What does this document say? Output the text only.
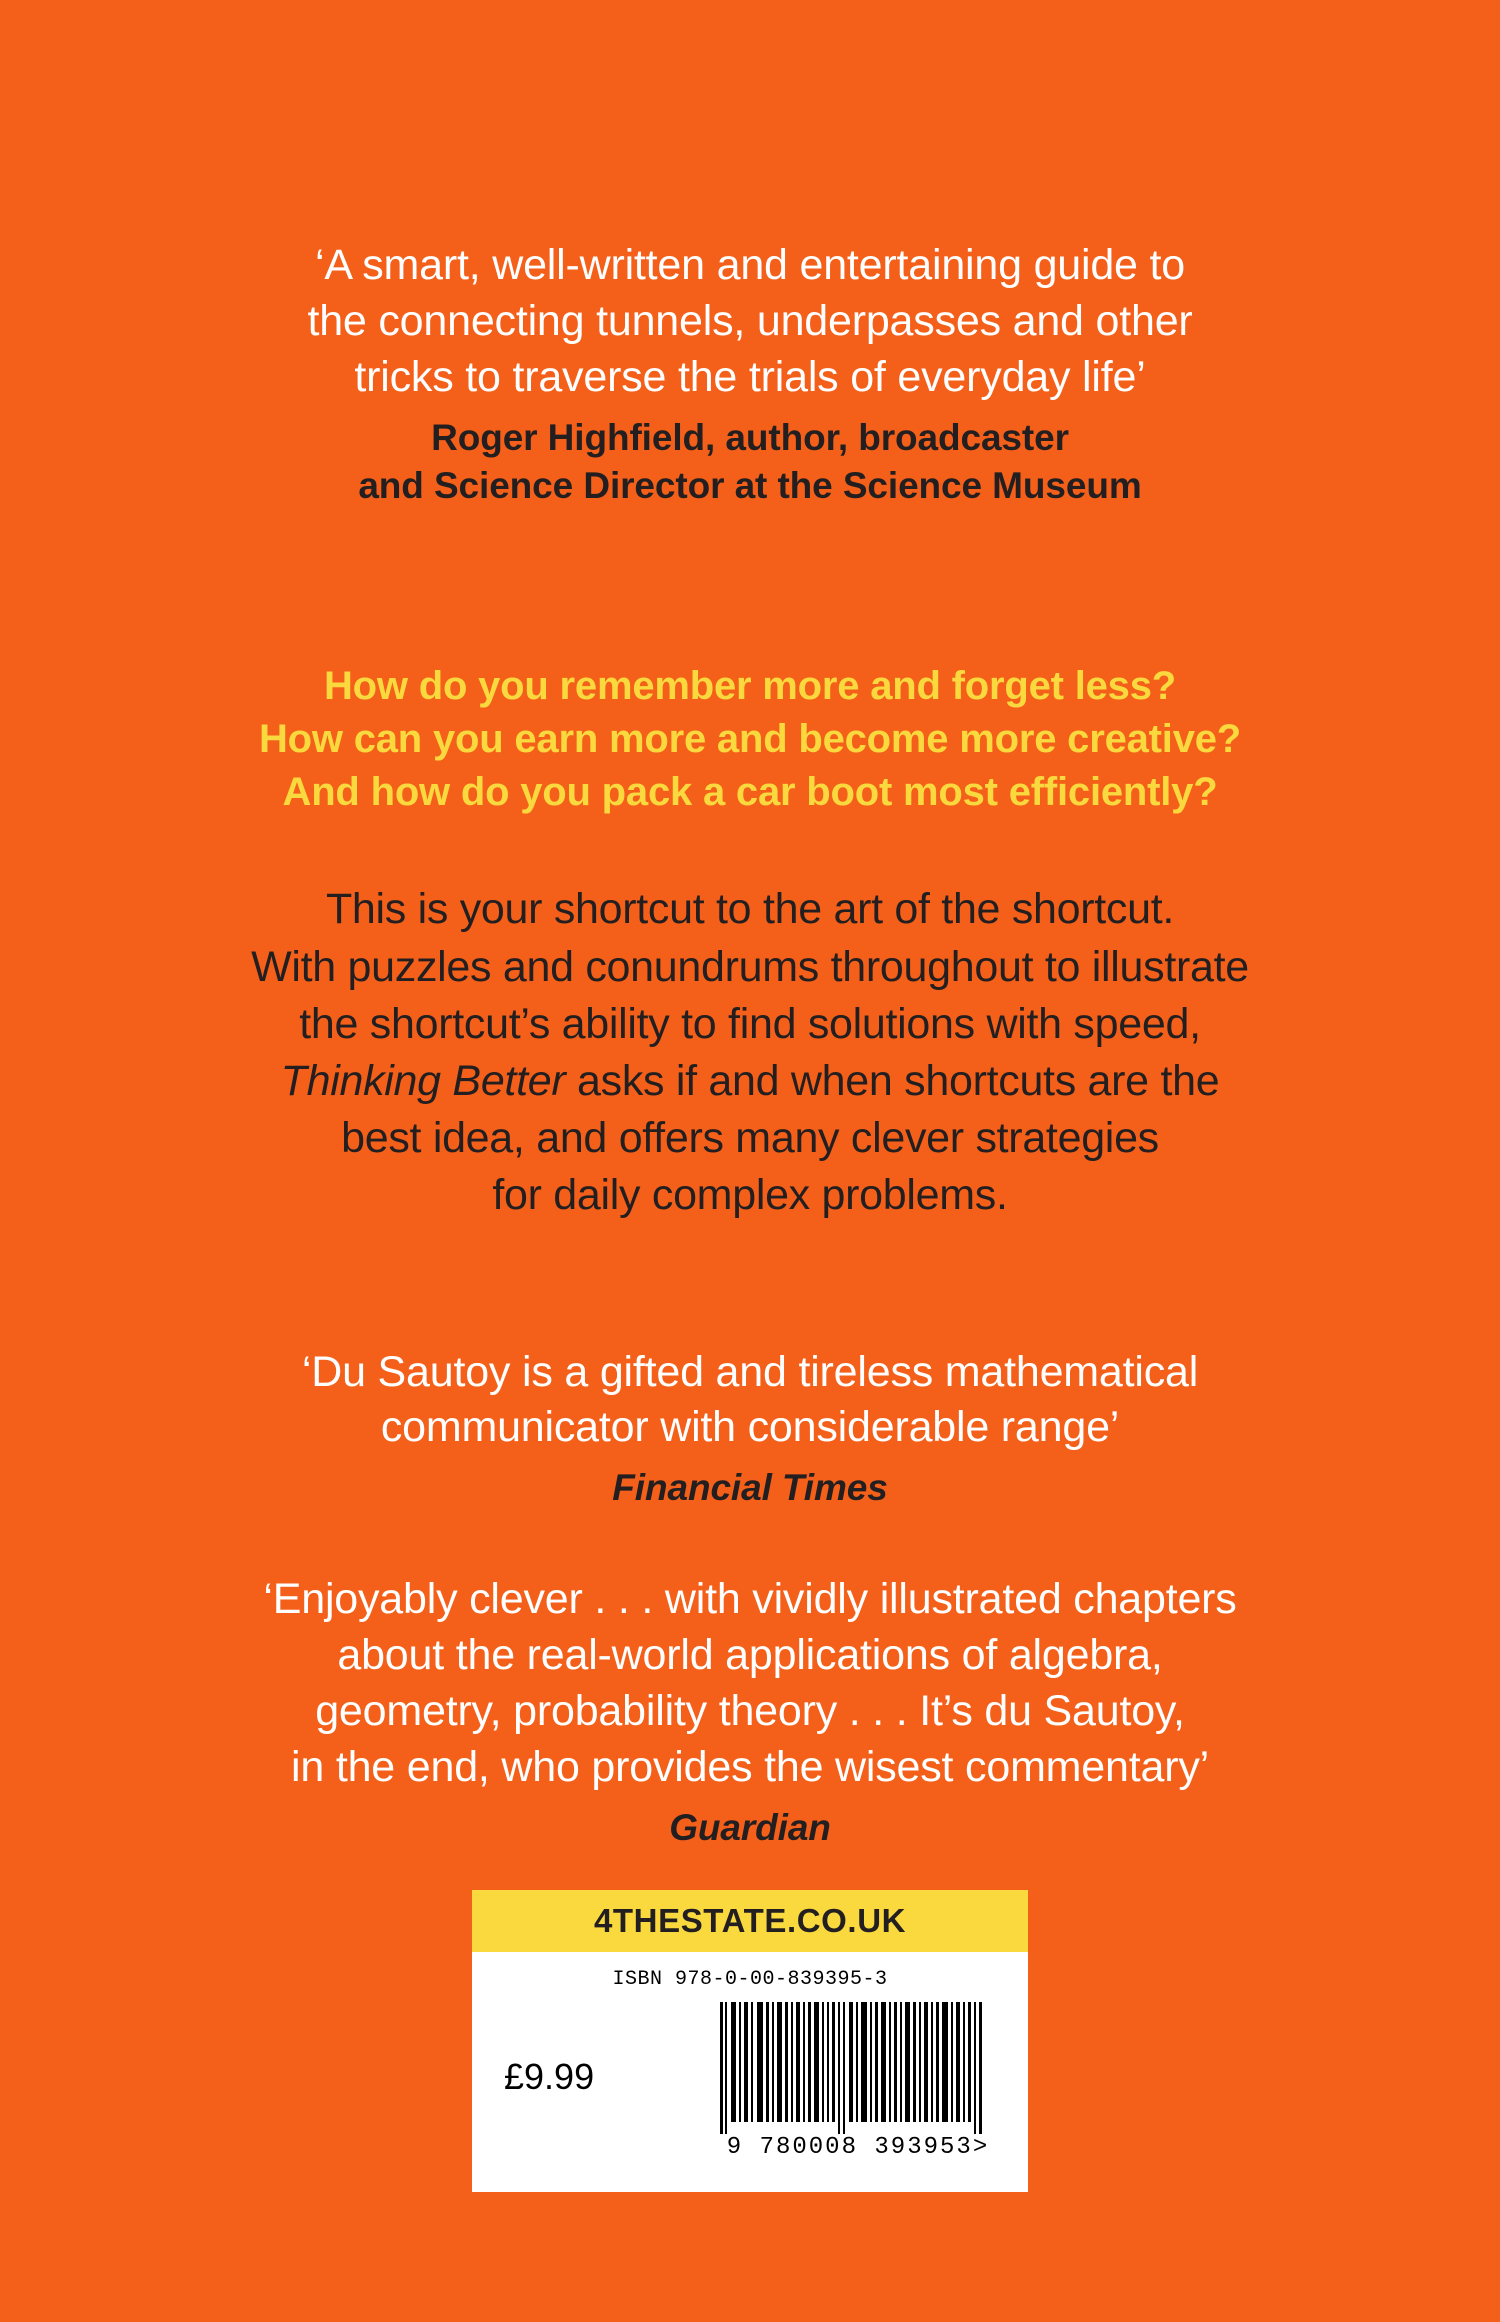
‘A smart, well-written and entertaining guide to
the connecting tunnels, underpasses and other
tricks to traverse the trials of everyday life’
Roger Highfield, author, broadcaster
and Science Director at the Science Museum
How do you remember more and forget less?
How can you earn more and become more creative?
And how do you pack a car boot most efficiently?
This is your shortcut to the art of the shortcut.
With puzzles and conundrums throughout to illustrate
the shortcut’s ability to find solutions with speed,
Thinking Better asks if and when shortcuts are the
best idea, and offers many clever strategies
for daily complex problems.
‘Du Sautoy is a gifted and tireless mathematical
communicator with considerable range’
Financial Times
‘Enjoyably clever . . . with vividly illustrated chapters
about the real-world applications of algebra,
geometry, probability theory . . . It’s du Sautoy,
in the end, who provides the wisest commentary’
Guardian
4THESTATE.CO.UK
ISBN 978-0-00-839395-3
£9.99
9 780008 393953>
